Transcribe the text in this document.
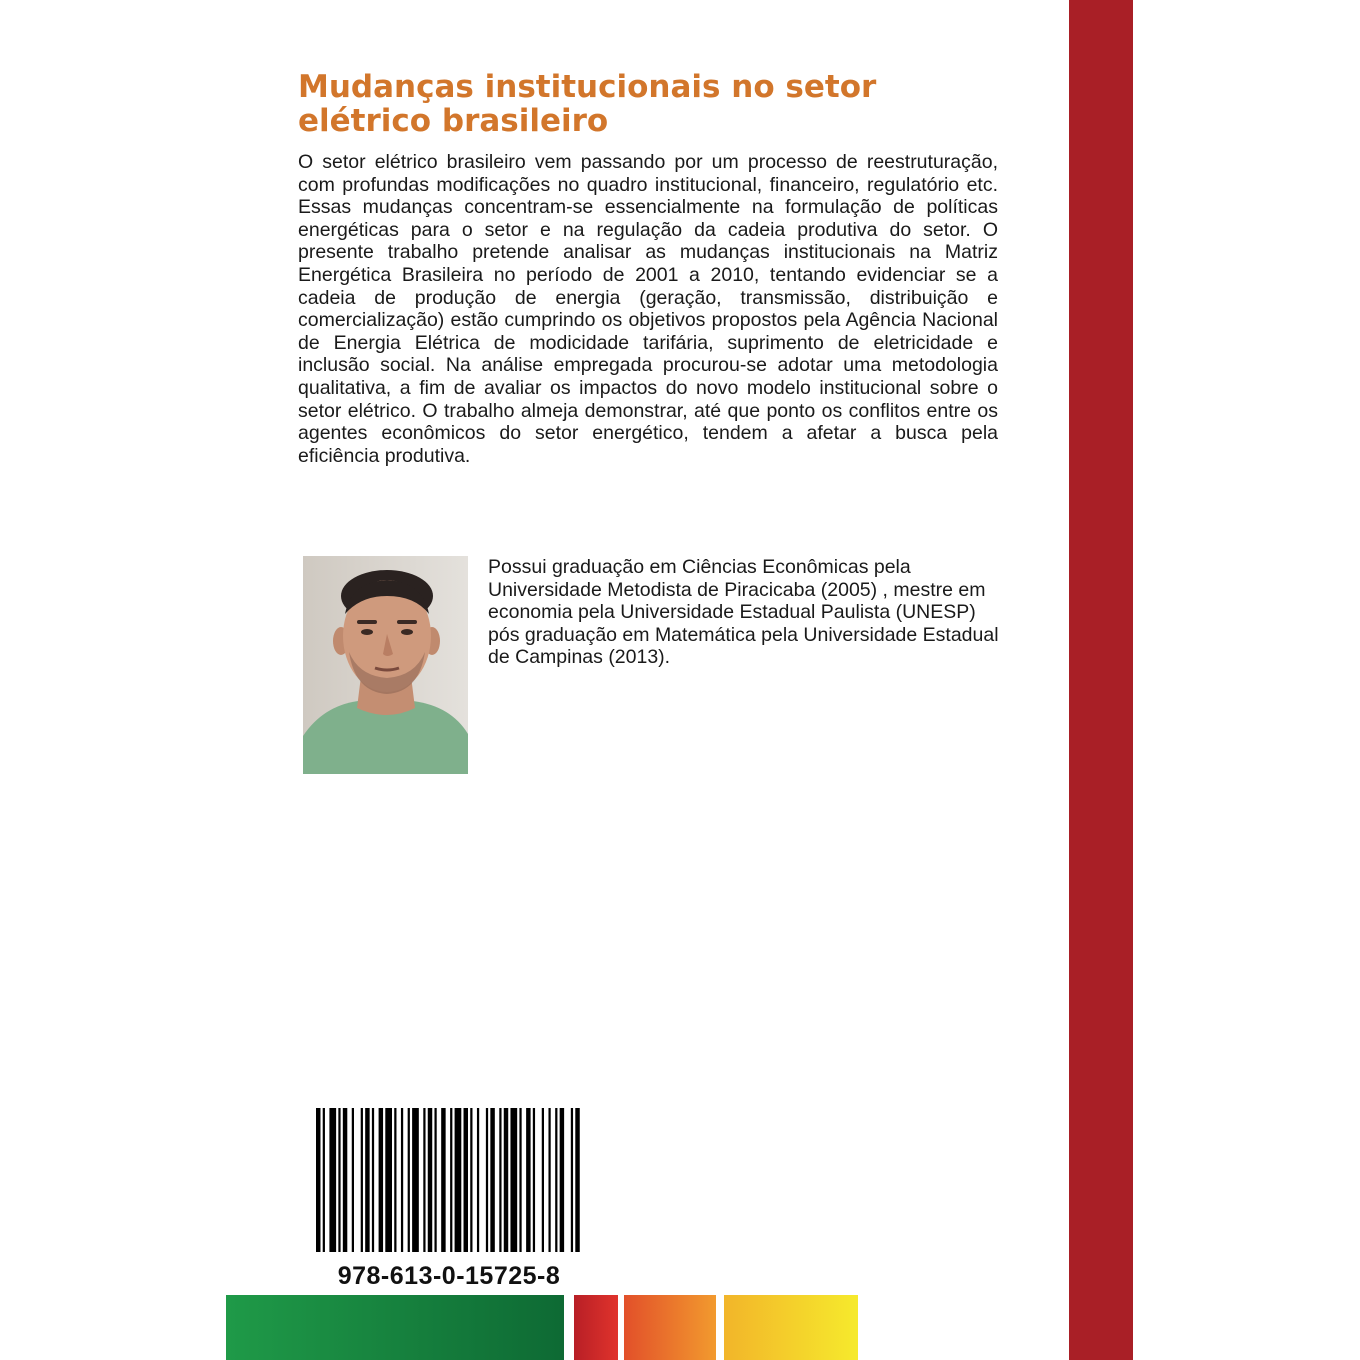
Mudanças institucionais no setor elétrico brasileiro

O setor elétrico brasileiro vem passando por um processo de reestruturação, com profundas modificações no quadro institucional, financeiro, regulatório etc. Essas mudanças concentram-se essencialmente na formulação de políticas energéticas para o setor e na regulação da cadeia produtiva do setor. O presente trabalho pretende analisar as mudanças institucionais na Matriz Energética Brasileira no período de 2001 a 2010, tentando evidenciar se a cadeia de produção de energia (geração, transmissão, distribuição e comercialização) estão cumprindo os objetivos propostos pela Agência Nacional de Energia Elétrica de modicidade tarifária, suprimento de eletricidade e inclusão social. Na análise empregada procurou-se adotar uma metodologia qualitativa, a fim de avaliar os impactos do novo modelo institucional sobre o setor elétrico. O trabalho almeja demonstrar, até que ponto os conflitos entre os agentes econômicos do setor energético, tendem a afetar a busca pela eficiência produtiva.

Possui graduação em Ciências Econômicas pela Universidade Metodista de Piracicaba (2005) , mestre em economia pela Universidade Estadual Paulista (UNESP) pós graduação em Matemática pela Universidade Estadual de Campinas (2013).

978-613-0-15725-8
